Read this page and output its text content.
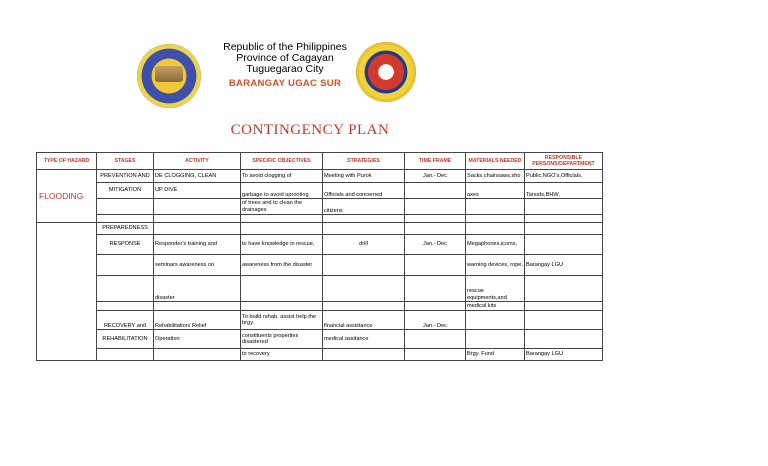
Republic of the Philippines
Province of Cagayan
Tuguegarao City
BARANGAY UGAC SUR
CONTINGENCY PLAN
TYPE OF HAZARD	STAGES	ACTIVITY	SPECIFIC OBJECTIVES	STRATEGIES	TIME FRAME	MATERIALS NEEDED	RESPONSIBLE PERSONS/DEPARTMENT
FLOODING	PREVENTION AND	DE CLOGGING, CLEAN	To avoid clogging of	Meeting with Purok	Jan.- Dec	Sacks,chainsaws,sho	Public,NGO's,Officials,
	MITIGATION	UP DIVE	garbage to avoid uprooting	Officials and concerned		axes	Tanods,BHW,
			of trees and to clean the drainages	citizens			

	PREPAREDNESS						
	RESPONSE	Responder's training and	to have knowledge in rescue,	drill	Jan.- Dec	Megaphones,icoms,	
		seminars awareness on	awareness from the disaster			warning devices, rope,	Barangay LGU
		disaster				rescue equipments,and	
						medical kits	
	RECOVERY and	Rehabilitation/ Relief	To build rehab, assist help the brgy.	financial assistance	Jan.- Dec		
	REHABILITATION	Operation	constituents properties disastered	medical assitance			
			to recovery			Brgy. Fund	Barangay LGU
